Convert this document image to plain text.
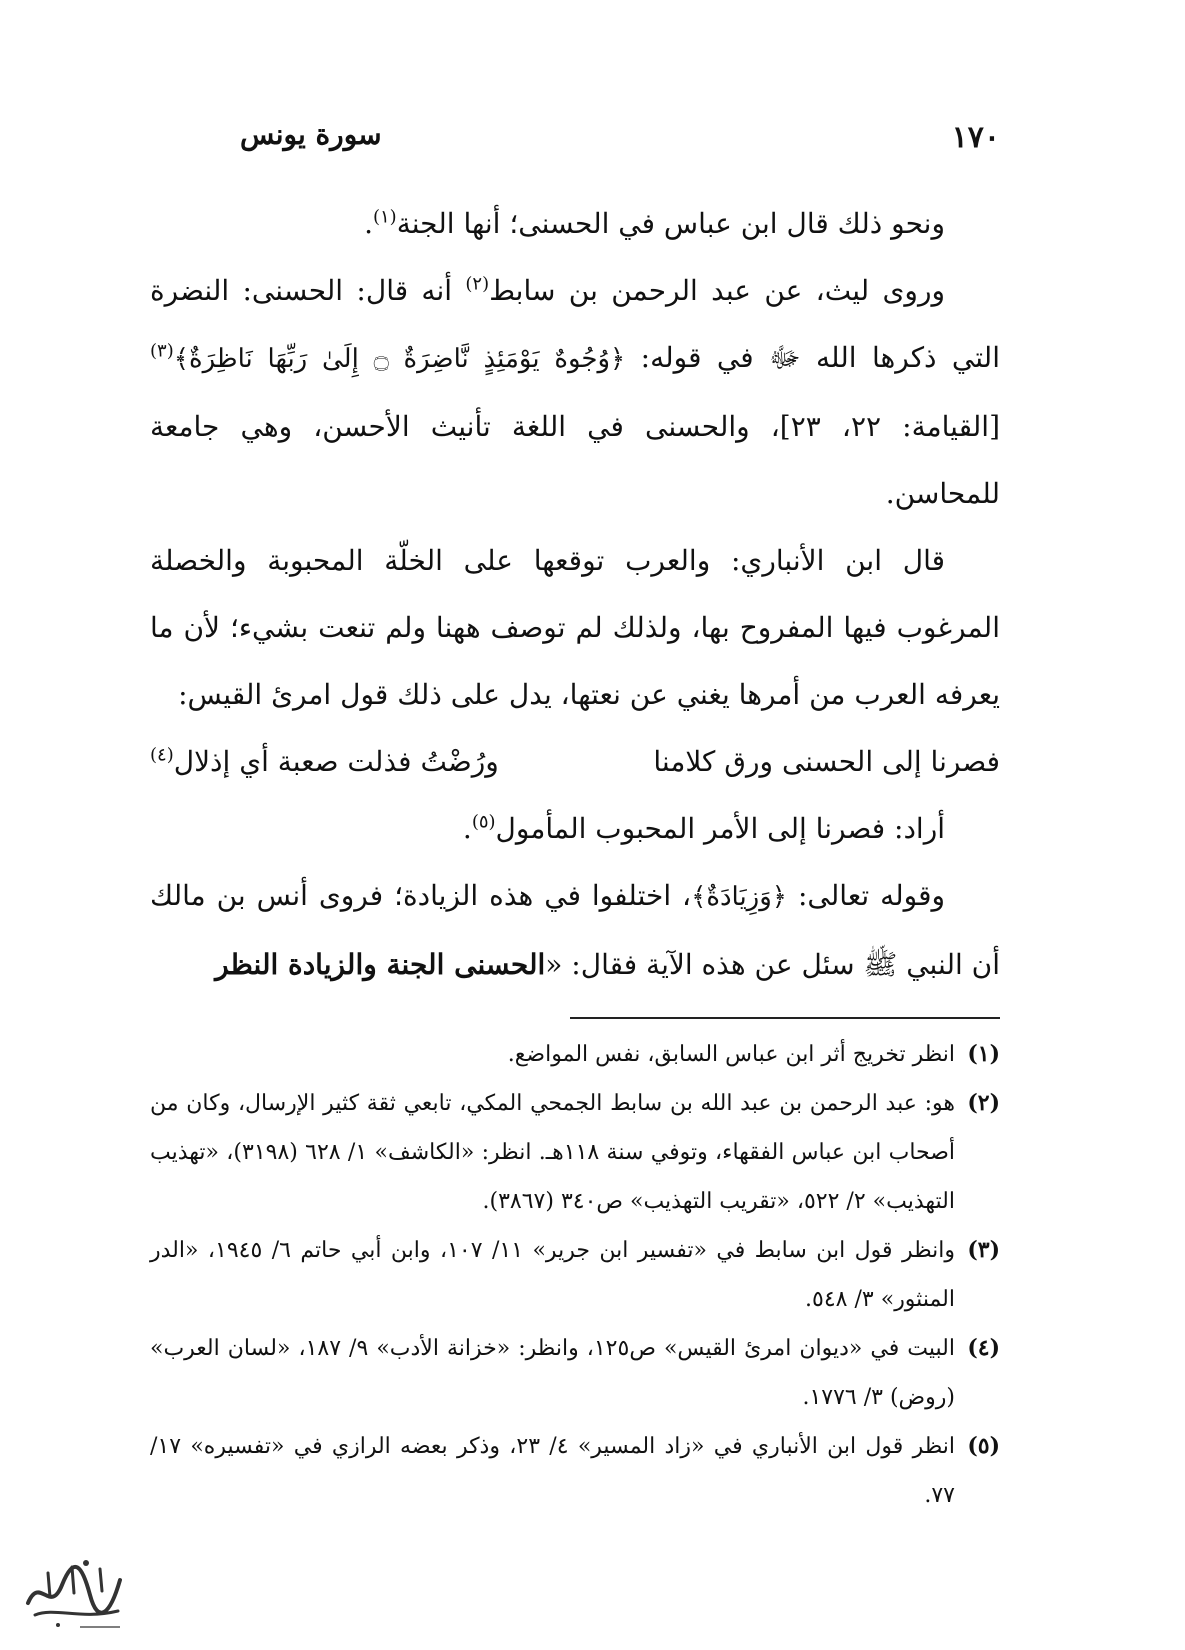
١٧٠
سورة يونس

ونحو ذلك قال ابن عباس في الحسنى؛ أنها الجنة$^{(١)}$.

وروى ليث، عن عبد الرحمن بن سابط$^{(٢)}$ أنه قال: الحسنى: النضرة التي ذكرها الله ﷻ في قوله: ﴿وُجُوهٌ يَوْمَئِذٍ نَّاضِرَةٌ ۝ إِلَىٰ رَبِّهَا نَاظِرَةٌ﴾$^{(٣)}$ [القيامة: ٢٢، ٢٣]، والحسنى في اللغة تأنيث الأحسن، وهي جامعة للمحاسن.

قال ابن الأنباري: والعرب توقعها على الخلّة المحبوبة والخصلة المرغوب فيها المفروح بها، ولذلك لم توصف ههنا ولم تنعت بشيء؛ لأن ما يعرفه العرب من أمرها يغني عن نعتها، يدل على ذلك قول امرئ القيس:

فصرنا إلى الحسنى ورق كلامنا
ورُضْتُ فذلت صعبة أي إذلال$^{(٤)}$

أراد: فصرنا إلى الأمر المحبوب المأمول$^{(٥)}$.

وقوله تعالى: ﴿وَزِيَادَةٌ﴾، اختلفوا في هذه الزيادة؛ فروى أنس بن مالك أن النبي ﷺ سئل عن هذه الآية فقال: «الحسنى الجنة والزيادة النظر

(١)
انظر تخريج أثر ابن عباس السابق، نفس المواضع.
(٢)
هو: عبد الرحمن بن عبد الله بن سابط الجمحي المكي، تابعي ثقة كثير الإرسال، وكان من أصحاب ابن عباس الفقهاء، وتوفي سنة ١١٨هـ. انظر: «الكاشف» ١/ ٦٢٨ (٣١٩٨)، «تهذيب التهذيب» ٢/ ٥٢٢، «تقريب التهذيب» ص٣٤٠ (٣٨٦٧).
(٣)
وانظر قول ابن سابط في «تفسير ابن جرير» ١١/ ١٠٧، وابن أبي حاتم ٦/ ١٩٤٥، «الدر المنثور» ٣/ ٥٤٨.
(٤)
البيت في «ديوان امرئ القيس» ص١٢٥، وانظر: «خزانة الأدب» ٩/ ١٨٧، «لسان العرب» (روض) ٣/ ١٧٧٦.
(٥)
انظر قول ابن الأنباري في «زاد المسير» ٤/ ٢٣، وذكر بعضه الرازي في «تفسيره» ١٧/ ٧٧.
